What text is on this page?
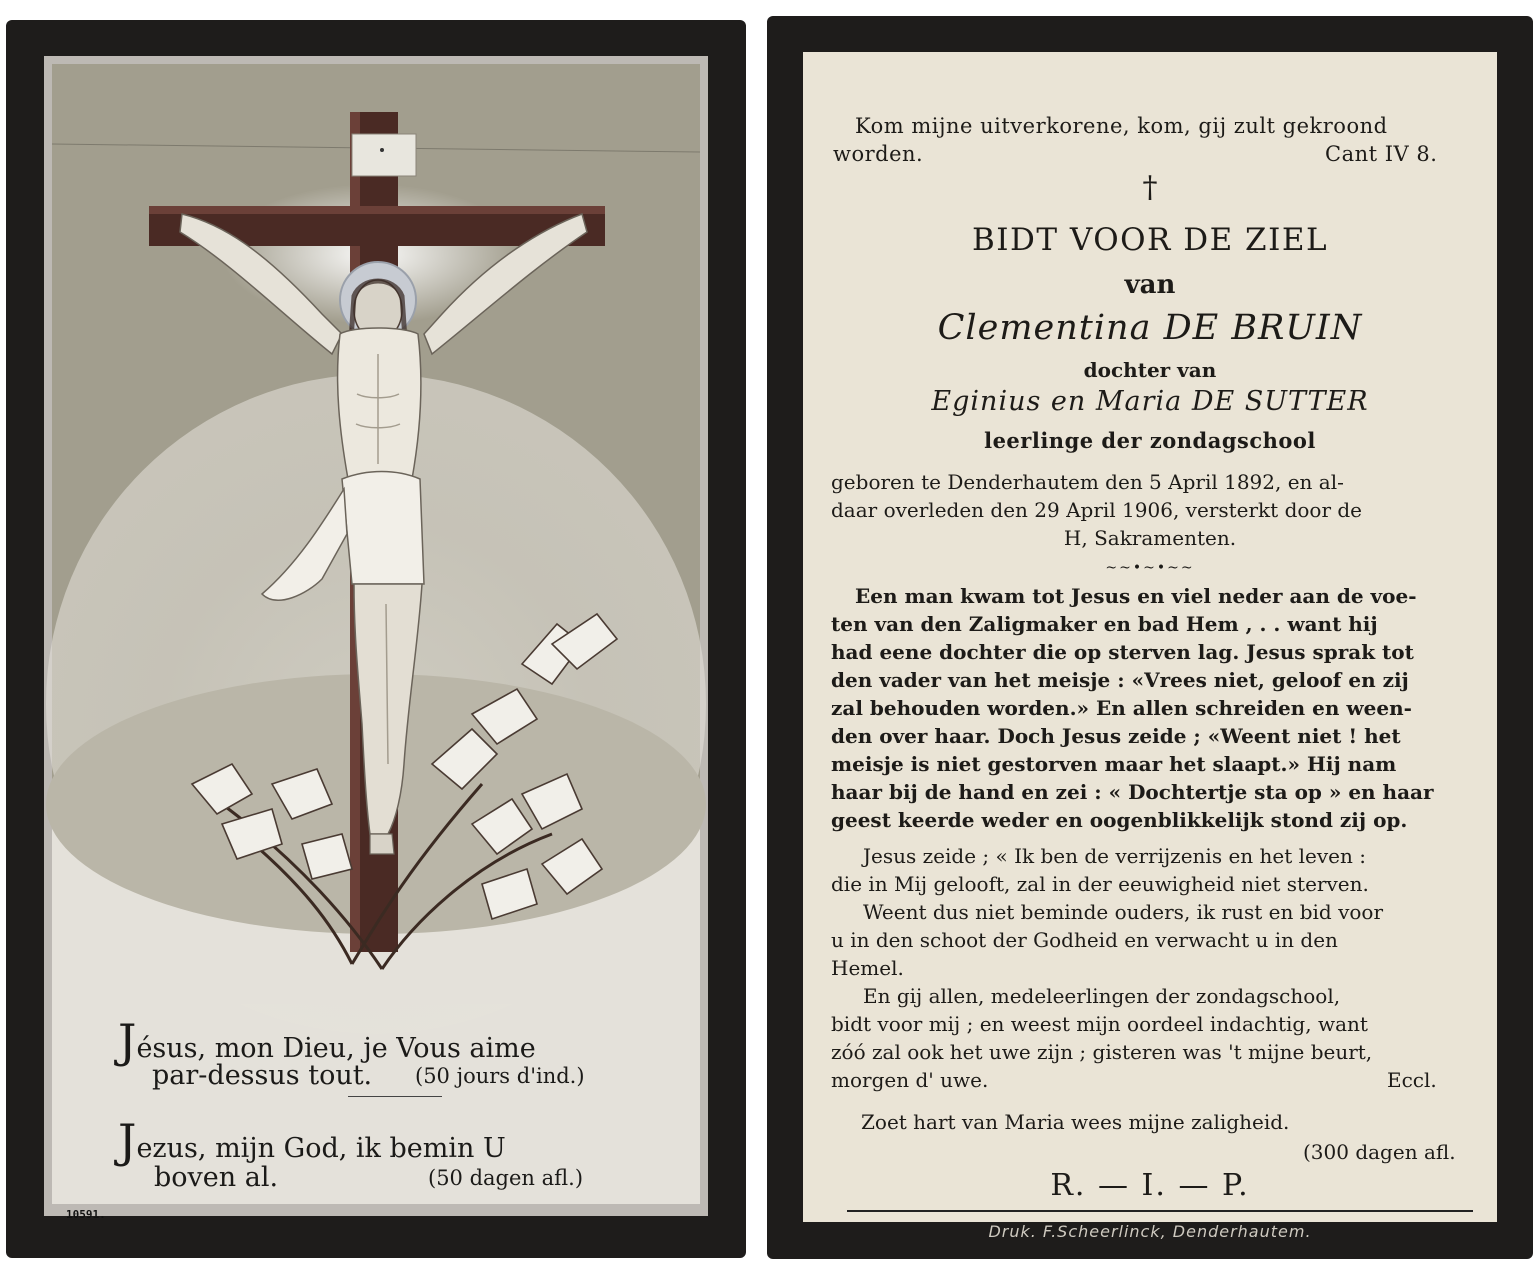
Jésus, mon Dieu, je Vous aime
par-dessus tout. (50 jours d'ind.)
Jezus, mijn God, ik bemin U
boven al.	(50 dagen afl.)
10591.
Kom mijne uitverkorene, kom, gij zult gekroond
worden.	Cant IV 8.
†
BIDT VOOR DE ZIEL
van
Clementina DE BRUIN
dochter van
Eginius en Maria DE SUTTER
leerlinge der zondagschool
geboren te Denderhautem den 5 April 1892, en al-
daar overleden den 29 April 1906, versterkt door de
H, Sakramenten.
~~•~•~~
Een man kwam tot Jesus en viel neder aan de voe-
ten van den Zaligmaker en bad Hem , . . want hij
had eene dochter die op sterven lag. Jesus sprak tot
den vader van het meisje : «Vrees niet, geloof en zij
zal behouden worden.» En allen schreiden en ween-
den over haar. Doch Jesus zeide ; «Weent niet ! het
meisje is niet gestorven maar het slaapt.» Hij nam
haar bij de hand en zei : « Dochtertje sta op » en haar
geest keerde weder en oogenblikkelijk stond zij op.
Jesus zeide ; « Ik ben de verrijzenis en het leven :
die in Mij gelooft, zal in der eeuwigheid niet sterven.
Weent dus niet beminde ouders, ik rust en bid voor
u in den schoot der Godheid en verwacht u in den
Hemel.
En gij allen, medeleerlingen der zondagschool,
bidt voor mij ; en weest mijn oordeel indachtig, want
zóó zal ook het uwe zijn ; gisteren was 't mijne beurt,
morgen d' uwe.	Eccl.
Zoet hart van Maria wees mijne zaligheid.
(300 dagen afl.
R. — I. — P.
Druk. F.Scheerlinck, Denderhautem.
